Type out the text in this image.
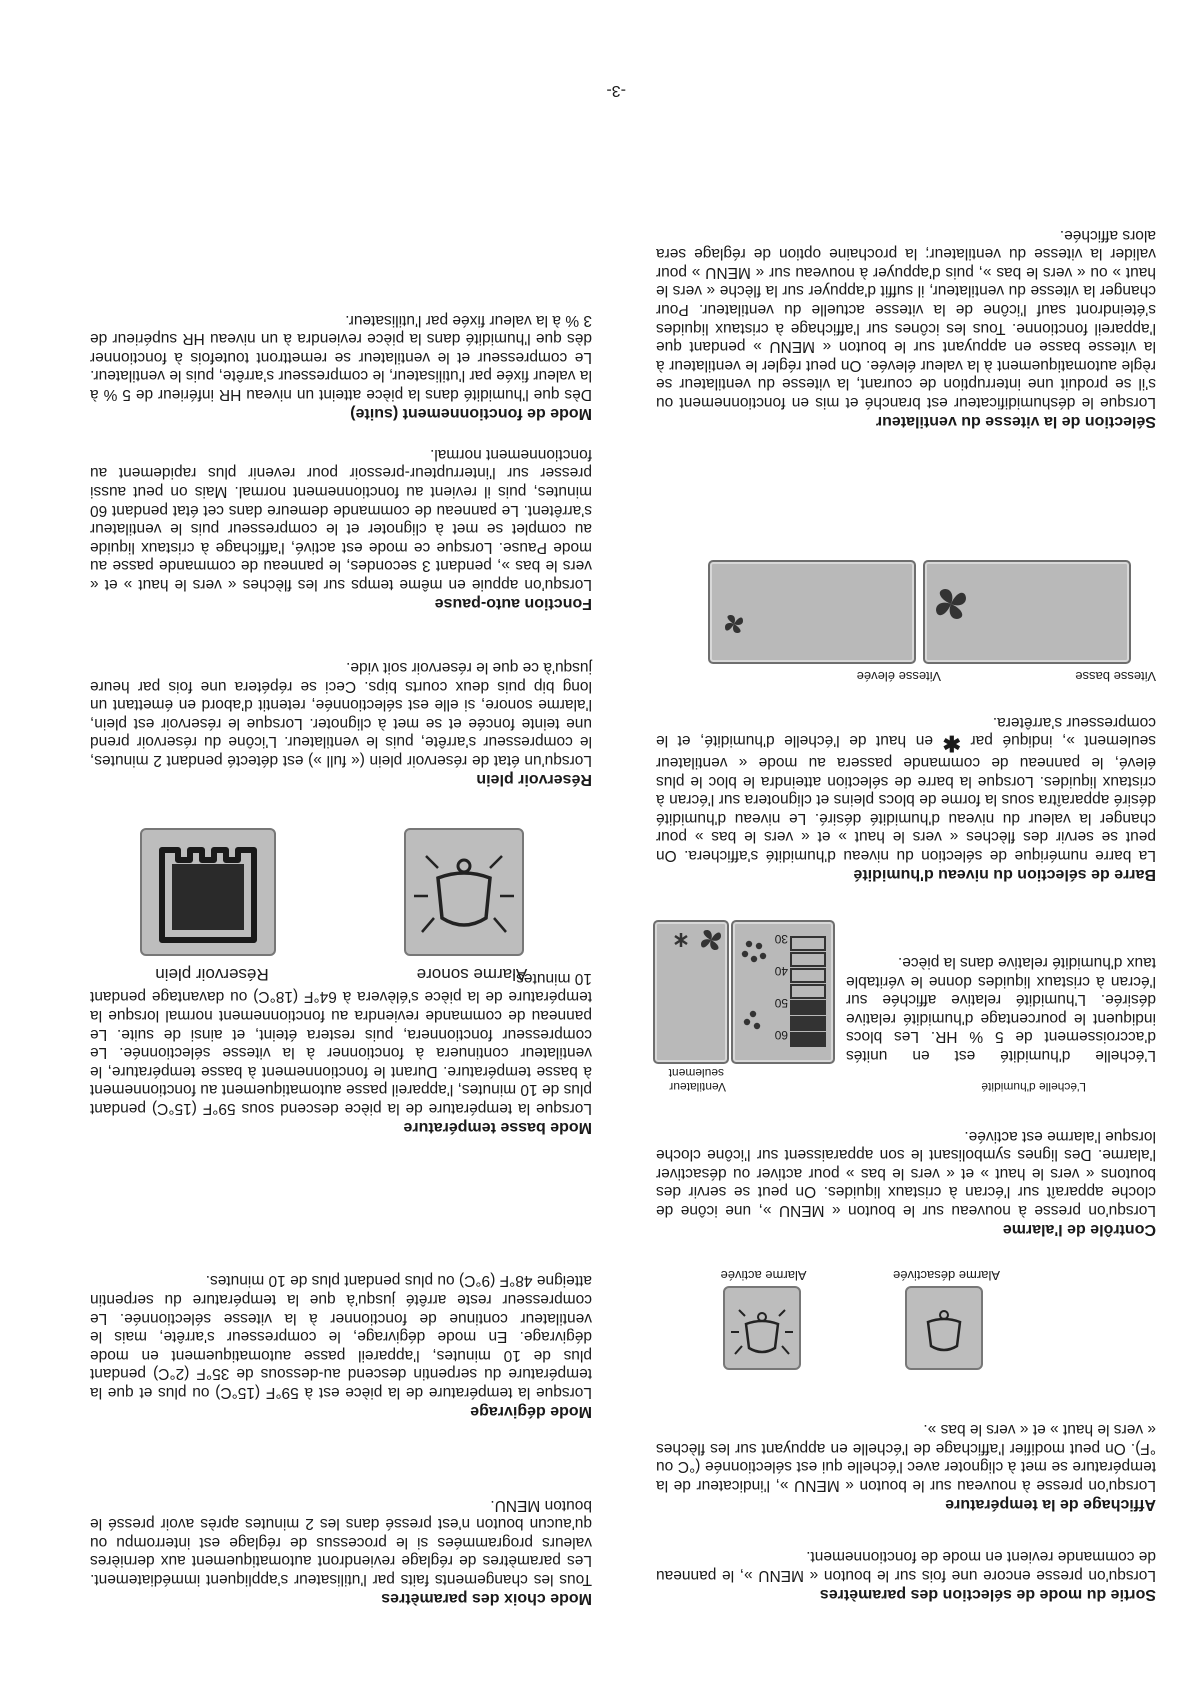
Sortie du mode de sélection des paramètres

Lorsqu'on presse encore une fois sur le bouton « MENU », le panneau de commande revient en mode de fonctionnement.

Affichage de la température

Lorsqu'on presse à nouveau sur le bouton « MENU », l'indicateur de la température se met à clignoter avec l'échelle qui est sélectionnée (°C ou °F). On peut modifier l'affichage de l'échelle en appuyant sur les flèches « vers le haut » et « vers le bas ».

Alarme activée	Alarme désactivée
Contrôle de l'alarme

Lorsqu'on presse à nouveau sur le bouton « MENU », une icône de cloche apparaît sur l'écran à cristaux liquides. On peut se servir des boutons « vers le haut » et « vers le bas » pour activer ou désactiver l'alarme. Des lignes symbolisant le son apparaissent sur l'icône cloche lorsque l'alarme est activée.

Ventilateur
seulement
L'échelle d'humidité
30
40
50
60

L'échelle d'humidité est en unités d'accroissement de 5 % HR. Les blocs indiquent le pourcentage d'humidité relative désirée. L'humidité relative affichée sur l'écran à cristaux liquides donne le véritable taux d'humidité relative dans la pièce.

Barre de sélection du niveau d'humidité

La barre numérique de sélection du niveau d'humidité s'affichera. On peut se servir des flèches « vers le haut » et « vers le bas » pour changer la valeur du niveau d'humidité désiré. Le niveau d'humidité désiré apparaîtra sous la forme de blocs pleins et clignotera sur l'écran à cristaux liquides. Lorsque la barre de sélection atteindra le bloc le plus élevé, le panneau de commande passera au mode « ventilateur seulement », indiqué par ✱ en haut de l'échelle d'humidité, et le compresseur s'arrêtera.

Vitesse basse
Vitesse élevée
Sélection de la vitesse du ventilateur

Lorsque le déshumidificateur est branché et mis en fonctionnement ou s'il se produit une interruption de courant, la vitesse du ventilateur se règle automatiquement à la valeur élevée. On peut régler le ventilateur à la vitesse basse en appuyant sur le bouton « MENU » pendant que l'appareil fonctionne. Tous les icônes sur l'affichage à cristaux liquides s'éteindront sauf l'icône de la vitesse actuelle du ventilateur. Pour changer la vitesse du ventilateur, il suffit d'appuyer sur la flèche « vers le haut » ou « vers le bas », puis d'appuyer à nouveau sur « MENU » pour valider la vitesse du ventilateur; la prochaine option de réglage sera alors affichée.

Mode choix des paramètres

Tous les changements faits par l'utilisateur s'appliquent immédiatement. Les paramètres de réglage reviendront automatiquement aux dernières valeurs programmées si le processus de réglage est interrompu ou qu'aucun bouton n'est pressé dans les 2 minutes après avoir pressé le bouton MENU.

Mode dégivrage

Lorsque la température de la pièce est à 59°F (15°C) ou plus et que la température du serpentin descend au-dessous de 35°F (2°C) pendant plus de 10 minutes, l'appareil passe automatiquement en mode dégivrage. En mode dégivrage, le compresseur s'arrête, mais le ventilateur continue de fonctionner à la vitesse sélectionnée. Le compresseur reste arrêté jusqu'à que la température du serpentin atteigne 48°F (9°C) ou plus pendant plus de 10 minutes.

Mode basse température

Lorsque la température de la pièce descend sous 59°F (15°C) pendant plus de 10 minutes, l'appareil passe automatiquement au fonctionnement à basse température. Durant le fonctionnement à basse température, le ventilateur continuera à fonctionner à la vitesse sélectionnée. Le compresseur fonctionnera, puis restera éteint, et ainsi de suite. Le panneau de commande reviendra au fonctionnement normal lorsque la température de la pièce s'élèvera à 64°F (18°C) ou davantage pendant 10 minutes.

Alarme sonore
Réservoir plein
Réservoir plein

Lorsqu'un état de réservoir plein (« full ») est détecté pendant 2 minutes, le compresseur s'arrête, puis le ventilateur. L'icône du réservoir prend une teinte foncée et se met à clignoter. Lorsque le réservoir est plein, l'alarme sonore, si elle est sélectionnée, retentit d'abord en émettant un long bip puis deux courts bips. Ceci se répétera une fois par heure jusqu'à ce que le réservoir soit vide.

Fonction auto-pause

Lorsqu'on appuie en même temps sur les flèches « vers le haut » et « vers le bas », pendant 3 secondes, le panneau de commande passe au mode Pause. Lorsque ce mode est activé, l'affichage à cristaux liquide au complet se met à clignoter et le compresseur puis le ventilateur s'arrêtent. Le panneau de commande demeure dans cet état pendant 60 minutes, puis il revient au fonctionnement normal. Mais on peut aussi presser sur l'interrupteur-pressoir pour revenir plus rapidement au fonctionnement normal.

Mode de fonctionnement (suite)

Dès que l'humidité dans la pièce atteint un niveau HR inférieur de 5 % à la valeur fixée par l'utilisateur, le compresseur s'arrête, puis le ventilateur. Le compresseur et le ventilateur se remettront toutefois à fonctionner dès que l'humidité dans la pièce reviendra à un niveau HR supérieur de 3 % à la valeur fixée par l'utilisateur.

-3-
